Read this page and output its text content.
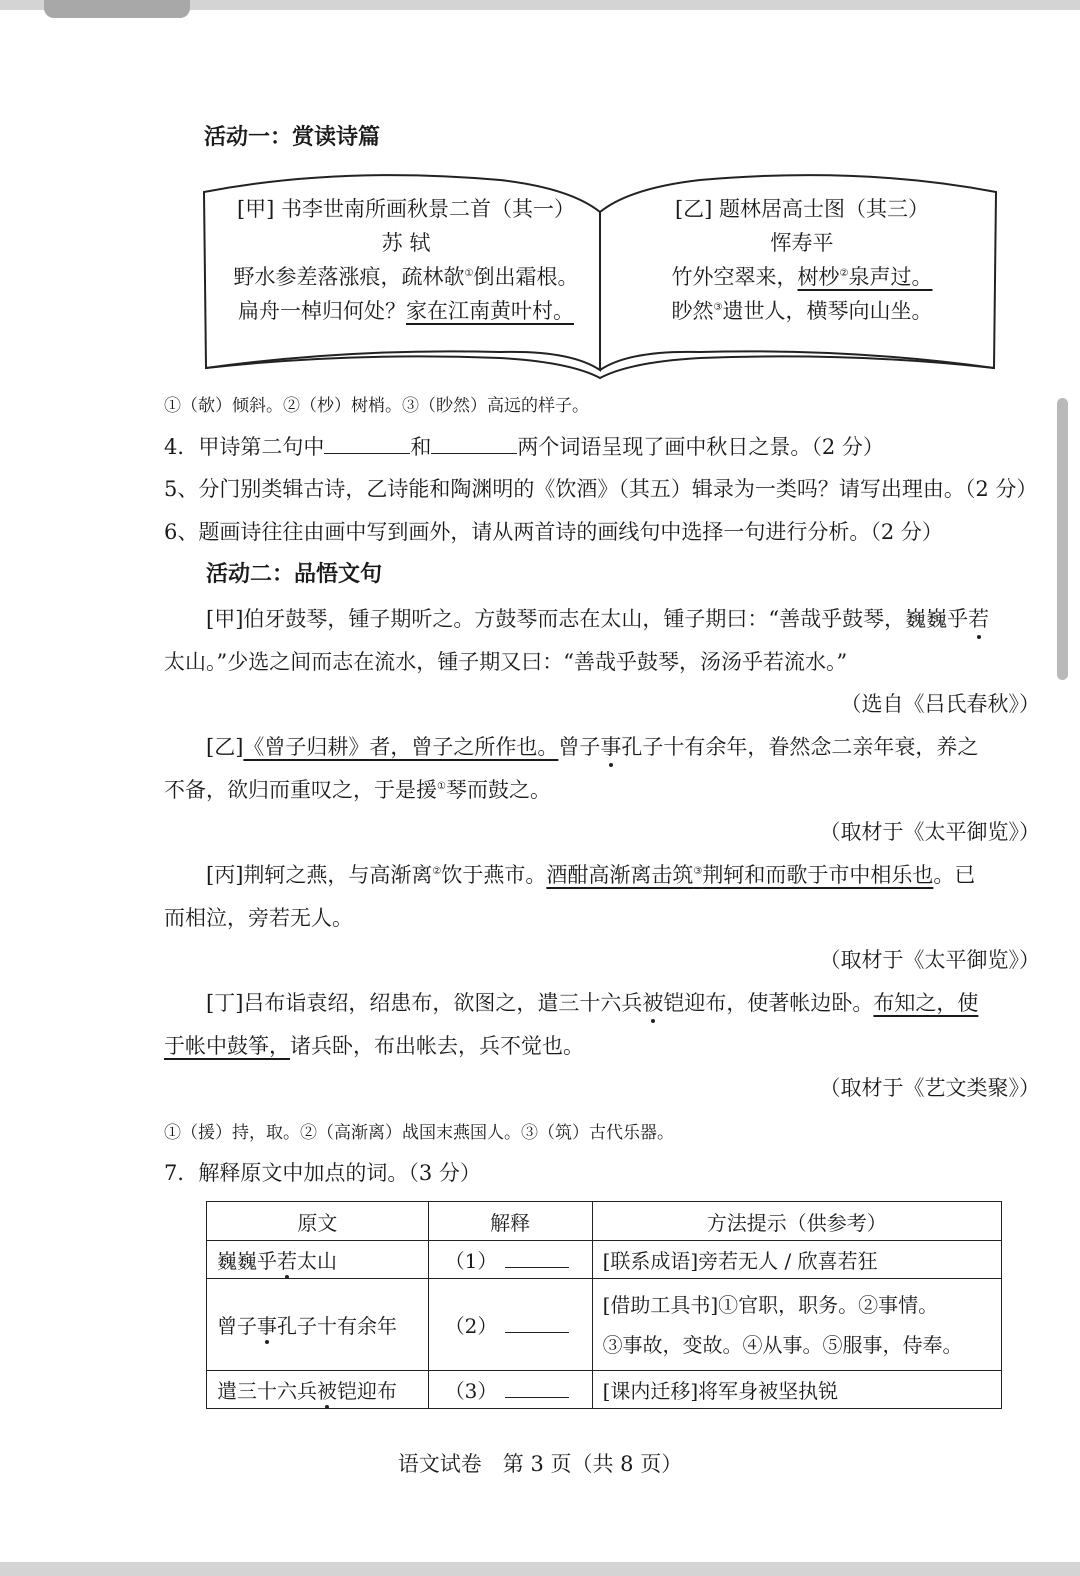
活动一：赏读诗篇
[甲] 书李世南所画秋景二首（其一）
苏 轼
野水参差落涨痕，疏林欹①倒出霜根。
扁舟一棹归何处？家在江南黄叶村。
[乙] 题林居高士图（其三）
恽寿平
竹外空翠来，树杪②泉声过。
眇然③遗世人，横琴向山坐。
①（欹）倾斜。②（杪）树梢。③（眇然）高远的样子。
4．甲诗第二句中	和	两个词语呈现了画中秋日之景。（2 分）
5、分门别类辑古诗，乙诗能和陶渊明的《饮酒》（其五）辑录为一类吗？请写出理由。（2 分）
6、题画诗往往由画中写到画外，请从两首诗的画线句中选择一句进行分析。（2 分）
活动二：品悟文句
[甲]伯牙鼓琴，锺子期听之。方鼓琴而志在太山，锺子期曰：“善哉乎鼓琴，巍巍乎若
太山。”少选之间而志在流水，锺子期又曰：“善哉乎鼓琴，汤汤乎若流水。”
（选自《吕氏春秋》）
[乙]《曾子归耕》者，曾子之所作也。曾子事孔子十有余年，眷然念二亲年衰，养之
不备，欲归而重叹之，于是援①琴而鼓之。
（取材于《太平御览》）
[丙]荆轲之燕，与高渐离②饮于燕市。酒酣高渐离击筑③荆轲和而歌于市中相乐也。已
而相泣，旁若无人。
（取材于《太平御览》）
[丁]吕布诣袁绍，绍患布，欲图之，遣三十六兵被铠迎布，使著帐边卧。布知之，使
于帐中鼓筝，诸兵卧，布出帐去，兵不觉也。
（取材于《艺文类聚》）
①（援）持，取。②（高渐离）战国末燕国人。③（筑）古代乐器。
7．解释原文中加点的词。（3 分）
原文	解释	方法提示（供参考）
巍巍乎若太山	（1）	[联系成语]旁若无人 / 欣喜若狂

曾子事孔子十有余年	（2）	[借助工具书]①官职，职务。②事情。
③事故，变故。④从事。⑤服事，侍奉。

遣三十六兵被铠迎布	（3）	[课内迁移]将军身被坚执锐
语文试卷　第 3 页（共 8 页）
